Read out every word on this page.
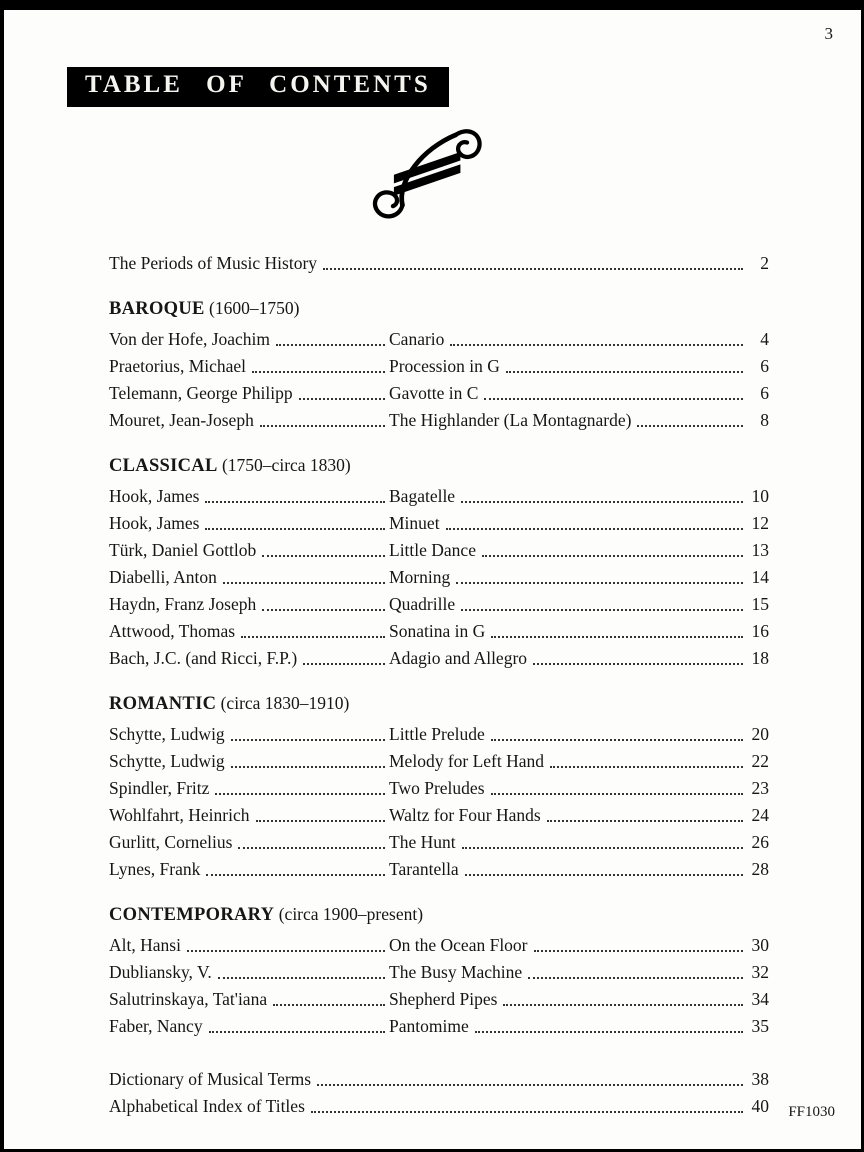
3
TABLE OF CONTENTS
The Periods of Music History	2
BAROQUE (1600–1750)
Von der Hofe, Joachim	Canario	4
Praetorius, Michael	Procession in G	6
Telemann, George Philipp	Gavotte in C	6
Mouret, Jean-Joseph	The Highlander (La Montagnarde)	8
CLASSICAL (1750–circa 1830)
Hook, James	Bagatelle	10
Hook, James	Minuet	12
Türk, Daniel Gottlob	Little Dance	13
Diabelli, Anton	Morning	14
Haydn, Franz Joseph	Quadrille	15
Attwood, Thomas	Sonatina in G	16
Bach, J.C. (and Ricci, F.P.)	Adagio and Allegro	18
ROMANTIC (circa 1830–1910)
Schytte, Ludwig	Little Prelude	20
Schytte, Ludwig	Melody for Left Hand	22
Spindler, Fritz	Two Preludes	23
Wohlfahrt, Heinrich	Waltz for Four Hands	24
Gurlitt, Cornelius	The Hunt	26
Lynes, Frank	Tarantella	28
CONTEMPORARY (circa 1900–present)
Alt, Hansi	On the Ocean Floor	30
Dubliansky, V.	The Busy Machine	32
Salutrinskaya, Tat'iana	Shepherd Pipes	34
Faber, Nancy	Pantomime	35
Dictionary of Musical Terms	38
Alphabetical Index of Titles	40 FF1030
